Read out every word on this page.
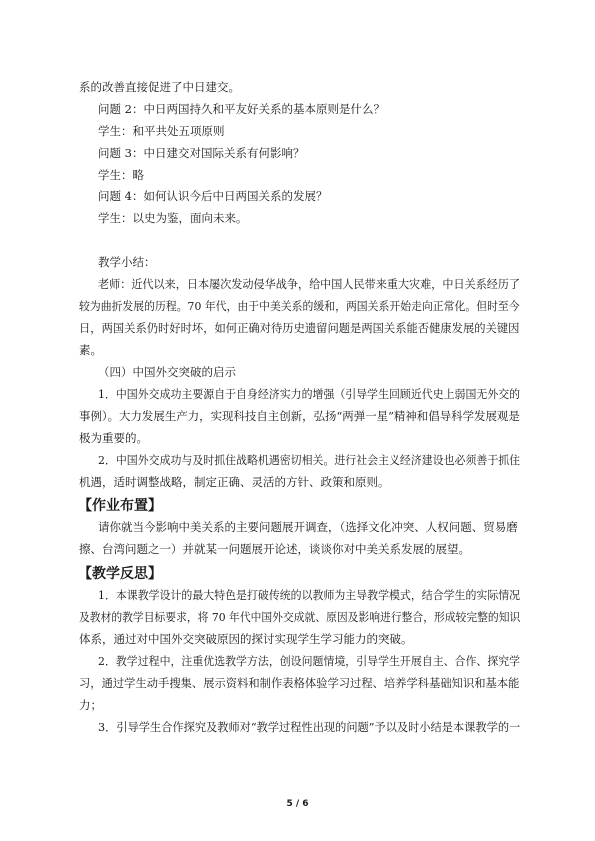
系的改善直接促进了中日建交。
问题 2：中日两国持久和平友好关系的基本原则是什么？
学生：和平共处五项原则
问题 3：中日建交对国际关系有何影响？
学生：略
问题 4：如何认识今后中日两国关系的发展？
学生：以史为鉴，面向未来。
教学小结：
老师：近代以来，日本屡次发动侵华战争，给中国人民带来重大灾难，中日关系经历了
较为曲折发展的历程。70 年代，由于中美关系的缓和，两国关系开始走向正常化。但时至今
日，两国关系仍时好时坏，如何正确对待历史遗留问题是两国关系能否健康发展的关键因
素。
（四）中国外交突破的启示
1．中国外交成功主要源自于自身经济实力的增强（引导学生回顾近代史上弱国无外交的
事例）。大力发展生产力，实现科技自主创新，弘扬“两弹一星”精神和倡导科学发展观是
极为重要的。
2．中国外交成功与及时抓住战略机遇密切相关。进行社会主义经济建设也必须善于抓住
机遇，适时调整战略，制定正确、灵活的方针、政策和原则。
【作业布置】
请你就当今影响中美关系的主要问题展开调查，（选择文化冲突、人权问题、贸易磨
擦、台湾问题之一）并就某一问题展开论述，谈谈你对中美关系发展的展望。
【教学反思】
1．本课教学设计的最大特色是打破传统的以教师为主导教学模式，结合学生的实际情况
及教材的教学目标要求，将 70 年代中国外交成就、原因及影响进行整合，形成较完整的知识
体系，通过对中国外交突破原因的探讨实现学生学习能力的突破。
2．教学过程中，注重优选教学方法，创设问题情境，引导学生开展自主、合作、探究学
习，通过学生动手搜集、展示资料和制作表格体验学习过程、培养学科基础知识和基本能
力；
3．引导学生合作探究及教师对“教学过程性出现的问题”予以及时小结是本课教学的一
5 / 6
